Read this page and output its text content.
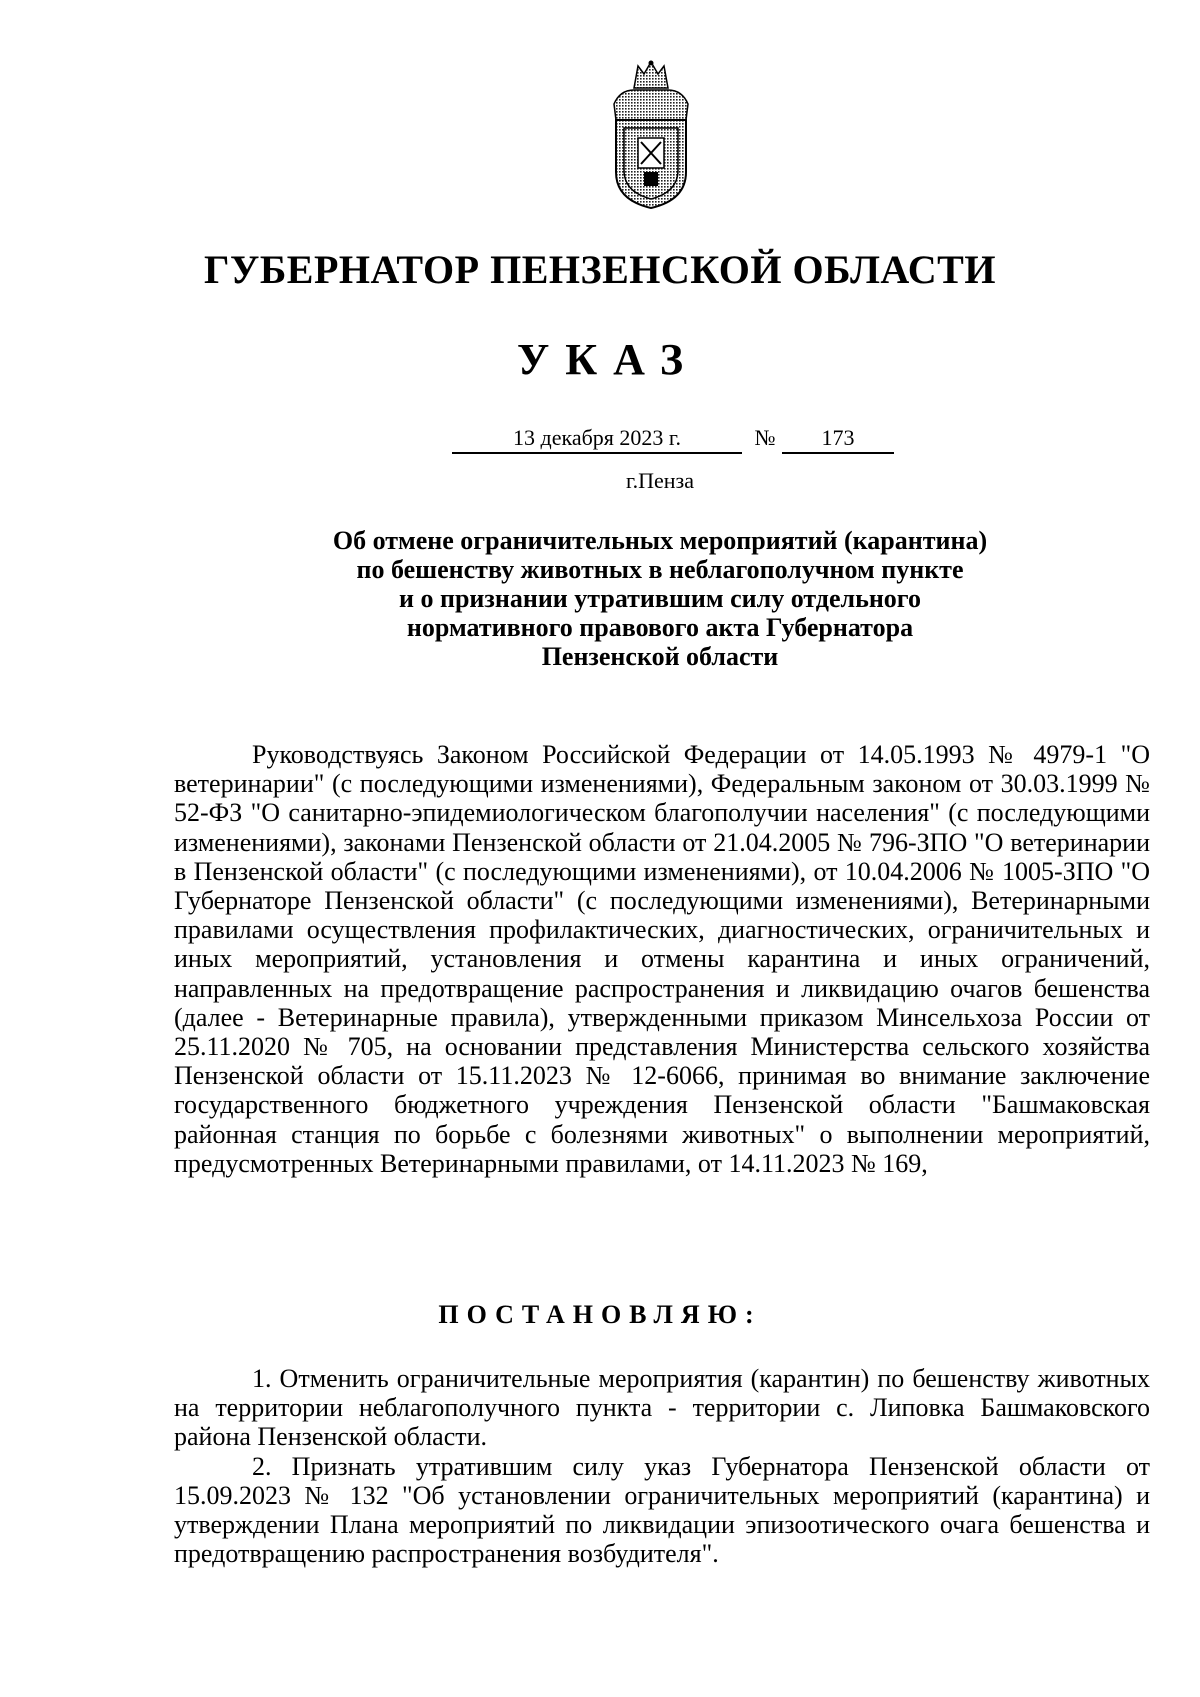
ГУБЕРНАТОР ПЕНЗЕНСКОЙ ОБЛАСТИ
УКАЗ
13 декабря 2023 г.	№	173
г.Пенза
Об отмене ограничительных мероприятий (карантина)
по бешенству животных в неблагополучном пункте
и о признании утратившим силу отдельного
нормативного правового акта Губернатора
Пензенской области

Руководствуясь Законом Российской Федерации от 14.05.1993 № 4979-1 "О ветеринарии" (с последующими изменениями), Федеральным законом от 30.03.1999 № 52-ФЗ "О санитарно-эпидемиологическом благополучии населения" (с последующими изменениями), законами Пензенской области от 21.04.2005 № 796-ЗПО "О ветеринарии в Пензенской области" (с последующими изменениями), от 10.04.2006 № 1005-ЗПО "О Губернаторе Пензенской области" (с последующими изменениями), Ветеринарными правилами осуществления профилактических, диагностических, ограничительных и иных мероприятий, установления и отмены карантина и иных ограничений, направленных на предотвращение распространения и ликвидацию очагов бешенства (далее - Ветеринарные правила), утвержденными приказом Минсельхоза России от 25.11.2020 № 705, на основании представления Министерства сельского хозяйства Пензенской области от 15.11.2023 № 12-6066, принимая во внимание заключение государственного бюджетного учреждения Пензенской области "Башмаковская районная станция по борьбе с болезнями животных" о выполнении мероприятий, предусмотренных Ветеринарными правилами, от 14.11.2023 № 169,

ПОСТАНОВЛЯЮ:

1. Отменить ограничительные мероприятия (карантин) по бешенству животных на территории неблагополучного пункта - территории с. Липовка Башмаковского района Пензенской области.

2. Признать утратившим силу указ Губернатора Пензенской области от 15.09.2023 № 132 "Об установлении ограничительных мероприятий (карантина) и утверждении Плана мероприятий по ликвидации эпизоотического очага бешенства и предотвращению распространения возбудителя".
